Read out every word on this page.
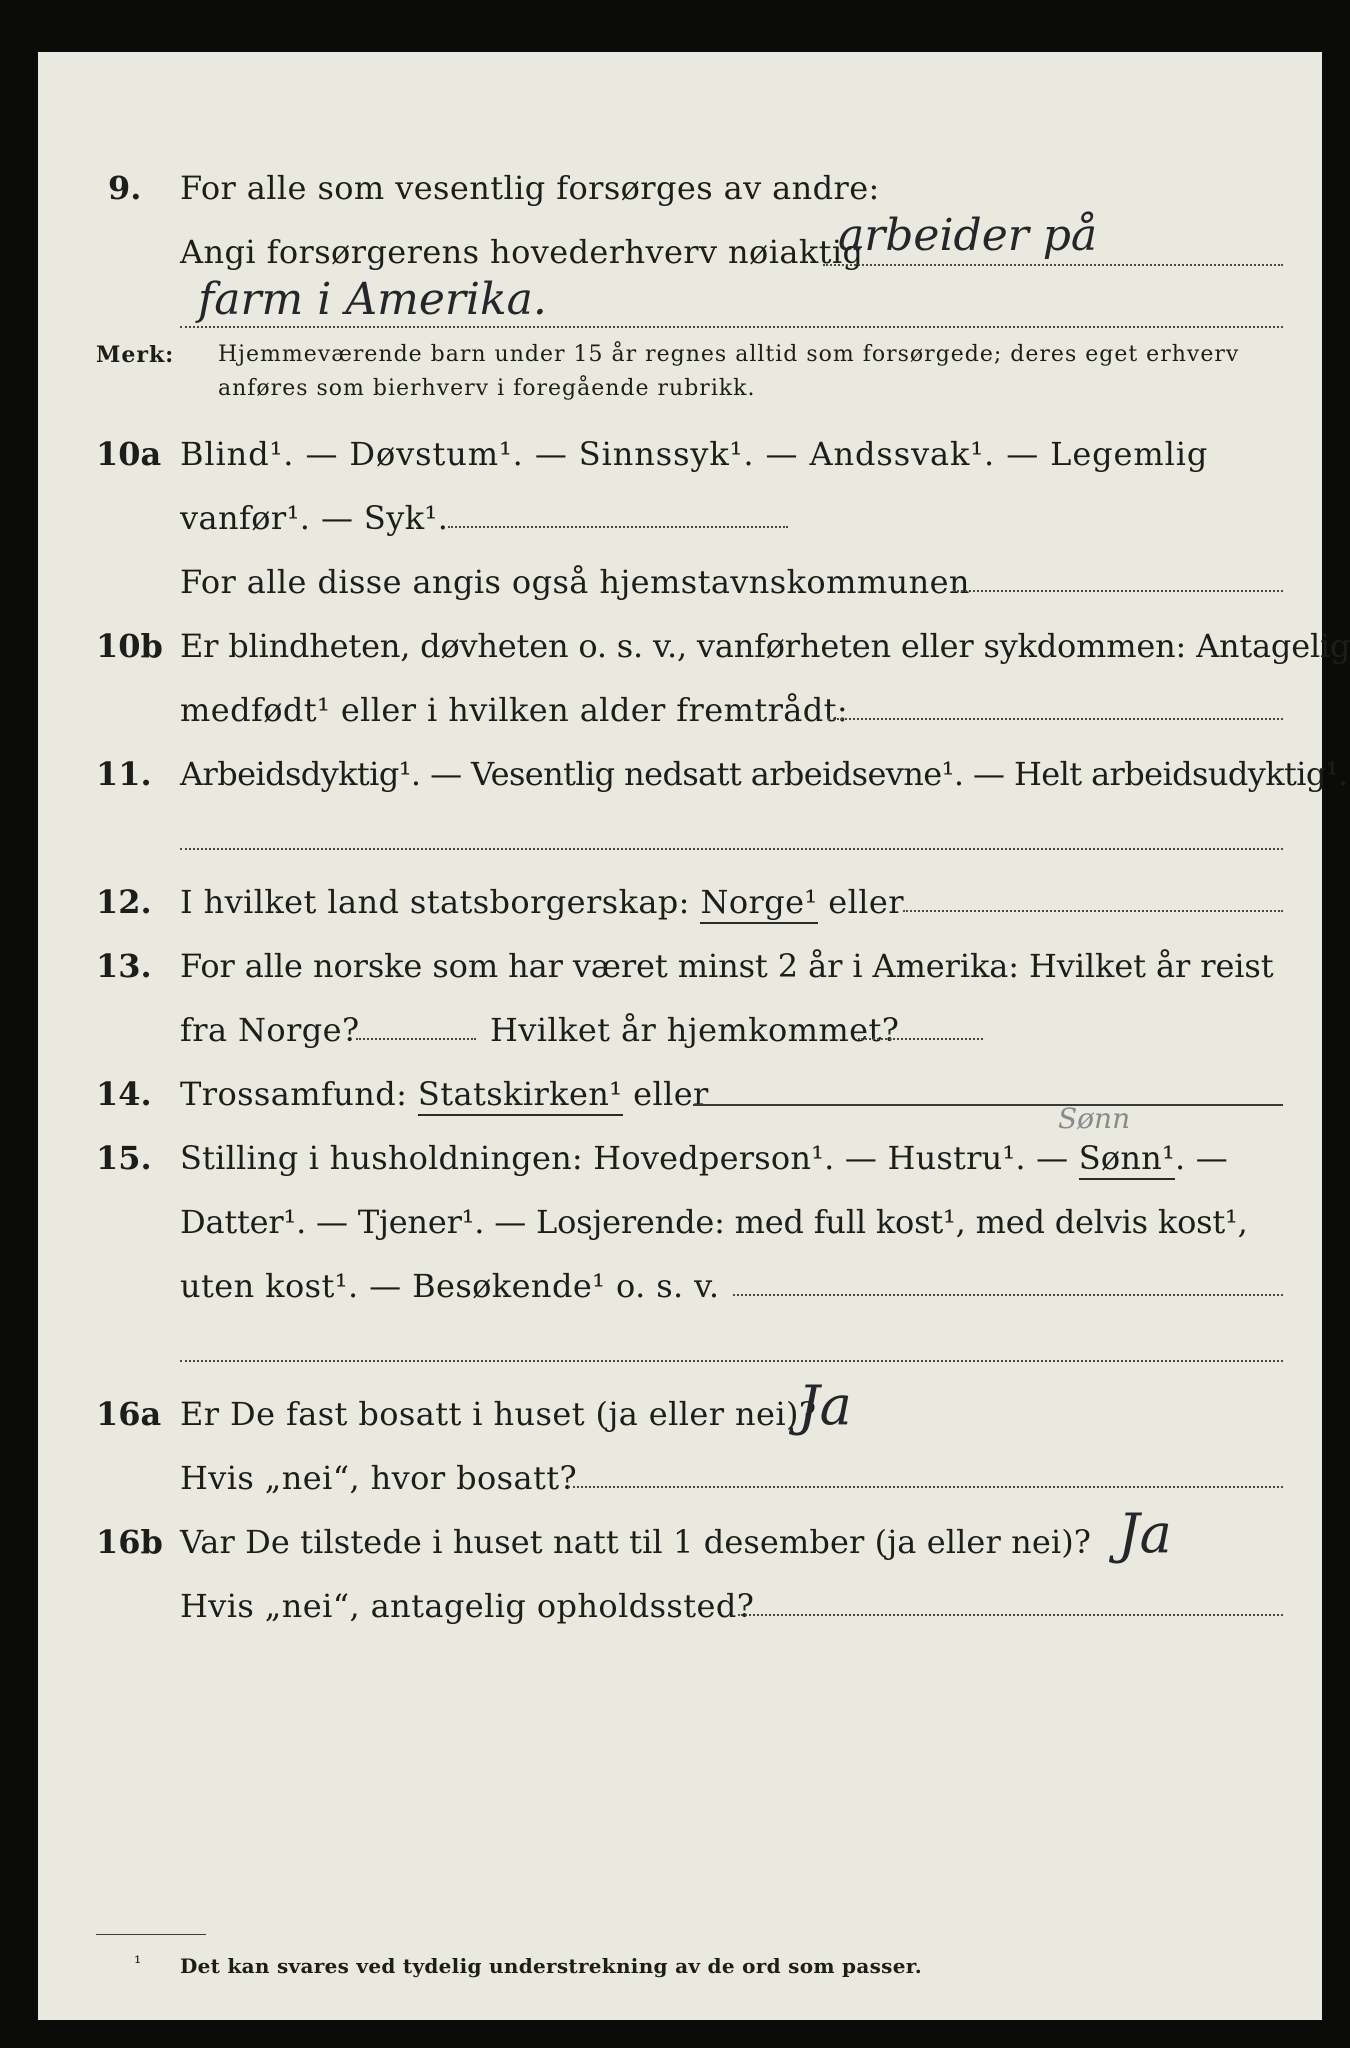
9. For alle som vesentlig forsørges av andre:
Angi forsørgerens hovederhverv nøiaktig
arbeider på
farm i Amerika.
Merk: Hjemmeværende barn under 15 år regnes alltid som forsørgede; deres eget erhverv
anføres som bierhverv i foregående rubrikk.
10a Blind¹. — Døvstum¹. — Sinnssyk¹. — Andssvak¹. — Legemlig
vanfør¹. — Syk¹.
For alle disse angis også hjemstavnskommunen
10b Er blindheten, døvheten o. s. v., vanførheten eller sykdommen: Antagelig
medfødt¹ eller i hvilken alder fremtrådt:
11. Arbeidsdyktig¹. — Vesentlig nedsatt arbeidsevne¹. — Helt arbeidsudyktig¹.
12. I hvilket land statsborgerskap: Norge¹ eller
13. For alle norske som har været minst 2 år i Amerika: Hvilket år reist
fra Norge?	Hvilket år hjemkommet?
14. Trossamfund: Statskirken¹ eller
15.
Sønn
Stilling i husholdningen: Hovedperson¹. — Hustru¹. — Sønn¹. —
Datter¹. — Tjener¹. — Losjerende: med full kost¹, med delvis kost¹,
uten kost¹. — Besøkende¹ o. s. v.
16a Er De fast bosatt i huset (ja eller nei)?
Ja
Hvis „nei“, hvor bosatt?
16b Var De tilstede i huset natt til 1 desember (ja eller nei)? Ja
Hvis „nei“, antagelig opholdssted?
¹ Det kan svares ved tydelig understrekning av de ord som passer.
